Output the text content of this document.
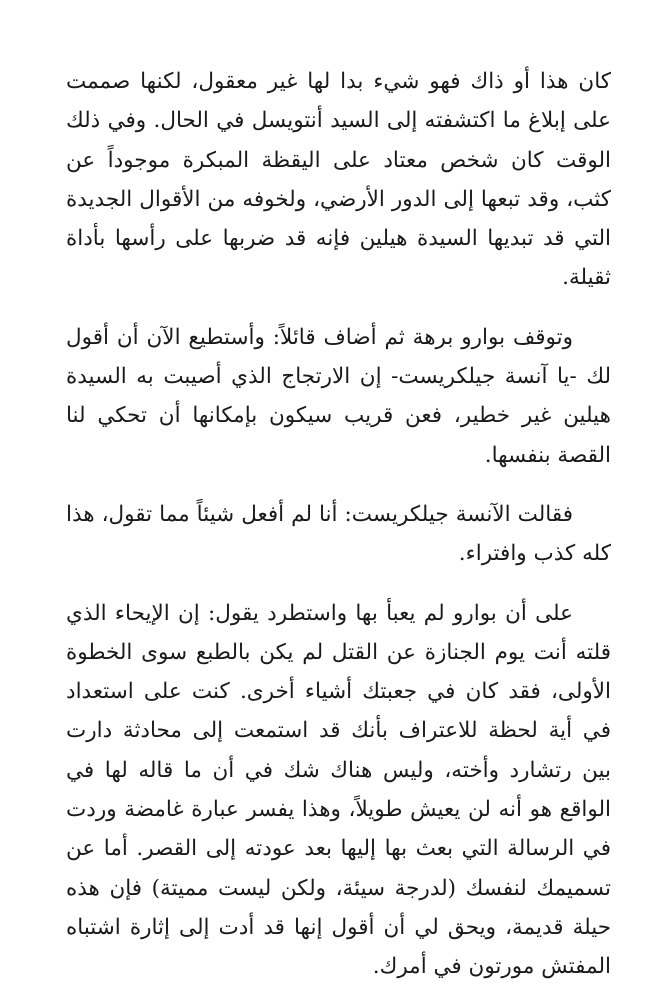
كان هذا أو ذاك فهو شيء بدا لها غير معقول، لكنها صممت على إبلاغ ما اكتشفته إلى السيد أنتويسل في الحال. وفي ذلك الوقت كان شخص معتاد على اليقظة المبكرة موجوداً عن كثب، وقد تبعها إلى الدور الأرضي، ولخوفه من الأقوال الجديدة التي قد تبديها السيدة هيلين فإنه قد ضربها على رأسها بأداة ثقيلة.

وتوقف بوارو برهة ثم أضاف قائلاً: وأستطيع الآن أن أقول لك -يا آنسة جيلكريست- إن الارتجاج الذي أصيبت به السيدة هيلين غير خطير، فعن قريب سيكون بإمكانها أن تحكي لنا القصة بنفسها.

فقالت الآنسة جيلكريست: أنا لم أفعل شيئاً مما تقول، هذا كله كذب وافتراء.

على أن بوارو لم يعبأ بها واستطرد يقول: إن الإيحاء الذي قلته أنت يوم الجنازة عن القتل لم يكن بالطبع سوى الخطوة الأولى، فقد كان في جعبتك أشياء أخرى. كنت على استعداد في أية لحظة للاعتراف بأنك قد استمعت إلى محادثة دارت بين رتشارد وأخته، وليس هناك شك في أن ما قاله لها في الواقع هو أنه لن يعيش طويلاً، وهذا يفسر عبارة غامضة وردت في الرسالة التي بعث بها إليها بعد عودته إلى القصر. أما عن تسميمك لنفسك (لدرجة سيئة، ولكن ليست مميتة) فإن هذه حيلة قديمة، ويحق لي أن أقول إنها قد أدت إلى إثارة اشتباه المفتش مورتون في أمرك.
